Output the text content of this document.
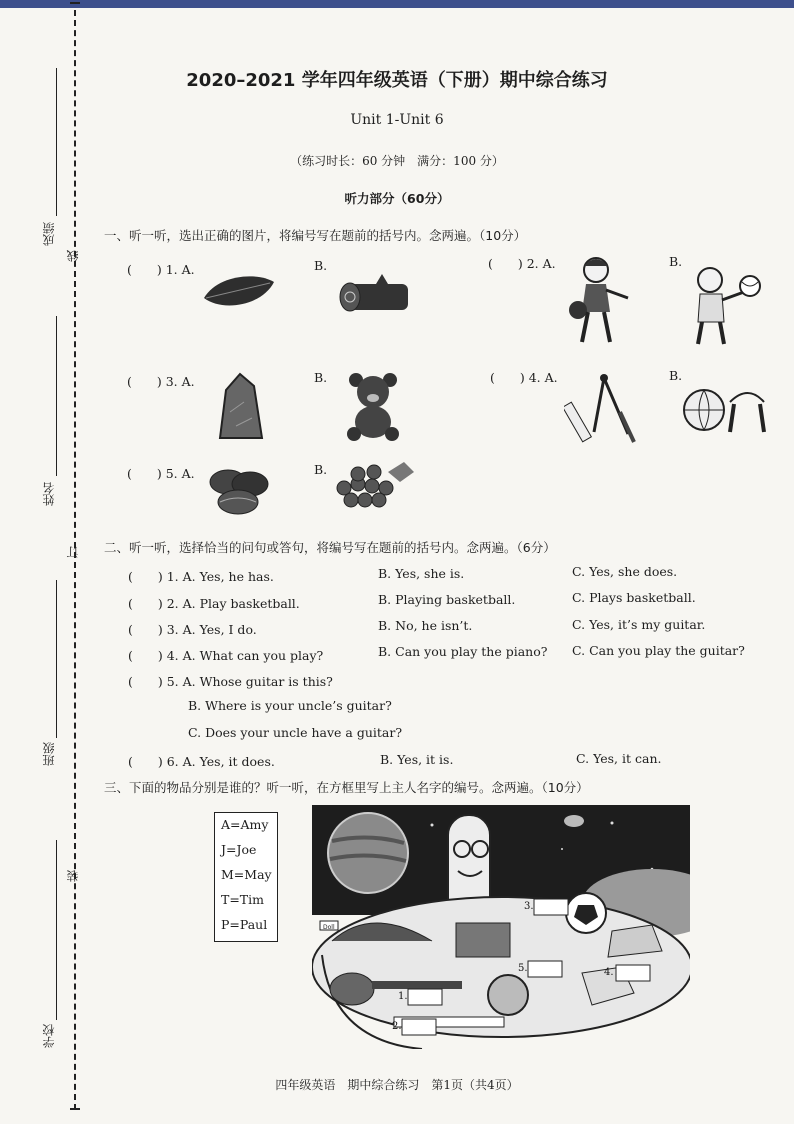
线
订
装
成绩
姓名
班级
学校
2020–2021 学年四年级英语（下册）期中综合练习
Unit 1-Unit 6
（练习时长：60 分钟　满分：100 分）
听力部分（60分）
一、听一听，选出正确的图片，将编号写在题前的括号内。念两遍。（10分）
(　　) 1. A.	B.	(　　) 2. A.	B.
(　　) 3. A.	B.	(　　) 4. A.	B.
(　　) 5. A.	B.
二、听一听，选择恰当的问句或答句，将编号写在题前的括号内。念两遍。（6分）
(　　) 1. A. Yes, he has.	B. Yes, she is.	C. Yes, she does.
(　　) 2. A. Play basketball.	B. Playing basketball.	C. Plays basketball.
(　　) 3. A. Yes, I do.	B. No, he isn’t.	C. Yes, it’s my guitar.
(　　) 4. A. What can you play?	B. Can you play the piano? C. Can you play the guitar?
(　　) 5. A. Whose guitar is this?
B. Where is your uncle’s guitar?
C. Does your uncle have a guitar?
(　　) 6. A. Yes, it does.	B. Yes, it is.	C. Yes, it can.
三、下面的物品分别是谁的？听一听，在方框里写上主人名字的编号。念两遍。（10分）
A=Amy
J=Joe
M=May
T=Tim
P=Paul	Doll
1.
2.
3.
4.
5.
四年级英语　期中综合练习　第1页（共4页）
